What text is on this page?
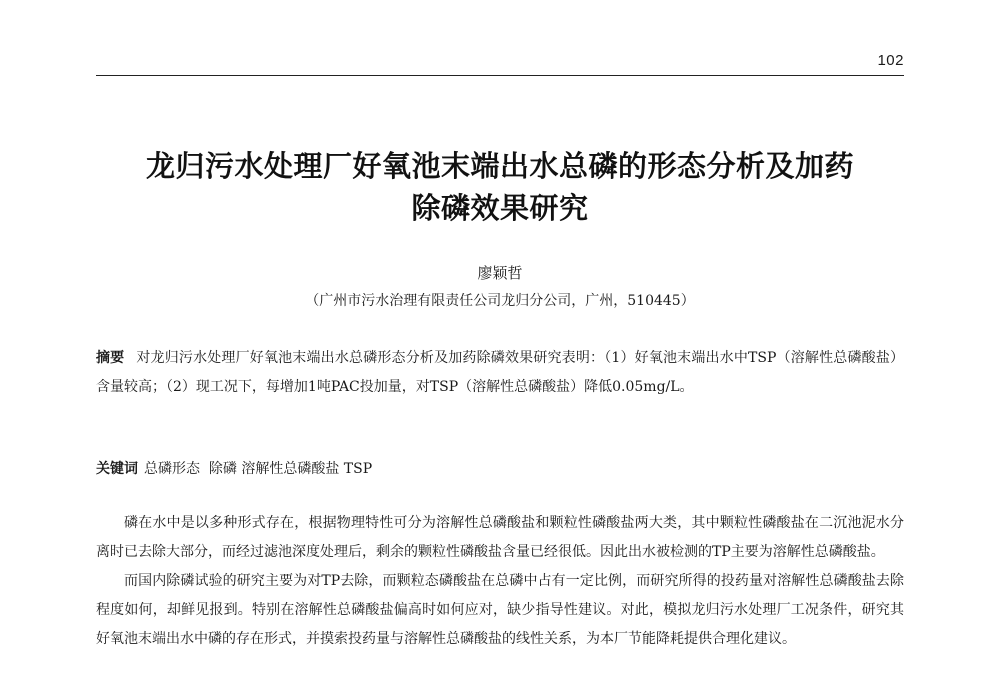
102
龙归污水处理厂好氧池末端出水总磷的形态分析及加药
除磷效果研究
廖颖哲
（广州市污水治理有限责任公司龙归分公司，广州，510445）
摘要 对龙归污水处理厂好氧池末端出水总磷形态分析及加药除磷效果研究表明：（1）好氧池末端出水中TSP（溶解性总磷酸盐）含量较高；（2）现工况下，每增加1吨PAC投加量，对TSP（溶解性总磷酸盐）降低0.05mg/L。
关键词 总磷形态  除磷 溶解性总磷酸盐 TSP

磷在水中是以多种形式存在，根据物理特性可分为溶解性总磷酸盐和颗粒性磷酸盐两大类，其中颗粒性磷酸盐在二沉池泥水分离时已去除大部分，而经过滤池深度处理后，剩余的颗粒性磷酸盐含量已经很低。因此出水被检测的TP主要为溶解性总磷酸盐。

而国内除磷试验的研究主要为对TP去除，而颗粒态磷酸盐在总磷中占有一定比例，而研究所得的投药量对溶解性总磷酸盐去除程度如何，却鲜见报到。特别在溶解性总磷酸盐偏高时如何应对，缺少指导性建议。对此，模拟龙归污水处理厂工况条件，研究其好氧池末端出水中磷的存在形式，并摸索投药量与溶解性总磷酸盐的线性关系，为本厂节能降耗提供合理化建议。
